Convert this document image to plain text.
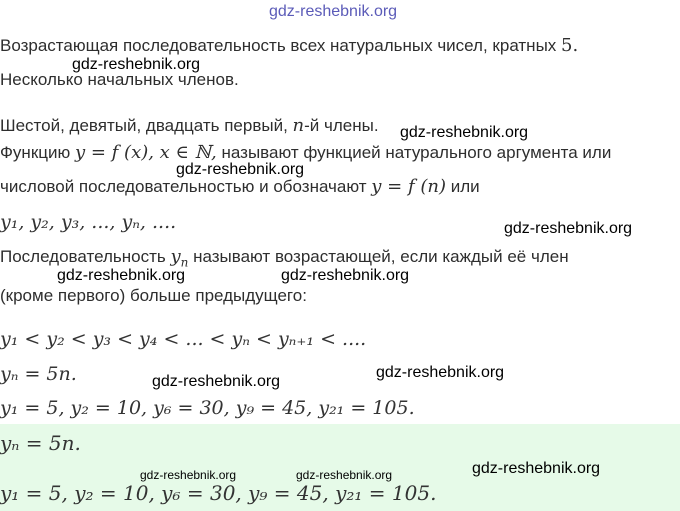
gdz-reshebnik.org
Возрастающая последовательность всех натуральных чисел, кратных 5.
gdz-reshebnik.org
Несколько начальных членов.
Шестой, девятый, двадцать первый, n-й члены. gdz-reshebnik.org
Функцию y = f (x), x ∈ ℕ, называют функцией натурального аргумента или
gdz-reshebnik.org
числовой последовательностью и обозначают y = f (n) или
y₁, y₂, y₃, ..., yₙ, ....	gdz-reshebnik.org
Последовательность $y_n$ называют возрастающей, если каждый её член
gdz-reshebnik.org	gdz-reshebnik.org
(кроме первого) больше предыдущего:
y₁ < y₂ < y₃ < y₄ < ... < yₙ < yₙ₊₁ < ....
yₙ = 5n.	gdz-reshebnik.org
gdz-reshebnik.org
y₁ = 5, y₂ = 10, y₆ = 30, y₉ = 45, y₂₁ = 105.
yₙ = 5n.
gdz-reshebnik.org	gdz-reshebnik.org	gdz-reshebnik.org
y₁ = 5, y₂ = 10, y₆ = 30, y₉ = 45, y₂₁ = 105.
